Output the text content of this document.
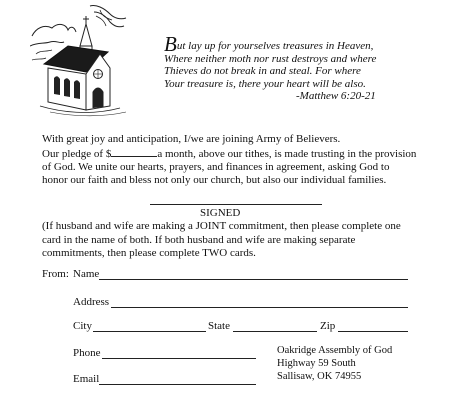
But lay up for yourselves treasures in Heaven,
Where neither moth nor rust destroys and where
Thieves do not break in and steal. For where
Your treasure is, there your heart will be also.
-Matthew 6:20-21
With great joy and anticipation, I/we are joining Army of Believers.
Our pledge of $	a month, above our tithes, is made trusting in the provision
of God. We unite our hearts, prayers, and finances in agreement, asking God to
honor our faith and bless not only our church, but also our individual families.
SIGNED
(If husband and wife are making a JOINT commitment, then please complete one
card in the name of both. If both husband and wife are making separate
commitments, then please complete TWO cards.
From: Name
Address
City	State	Zip
Phone
Email
Oakridge Assembly of God
Highway 59 South
Sallisaw, OK 74955
